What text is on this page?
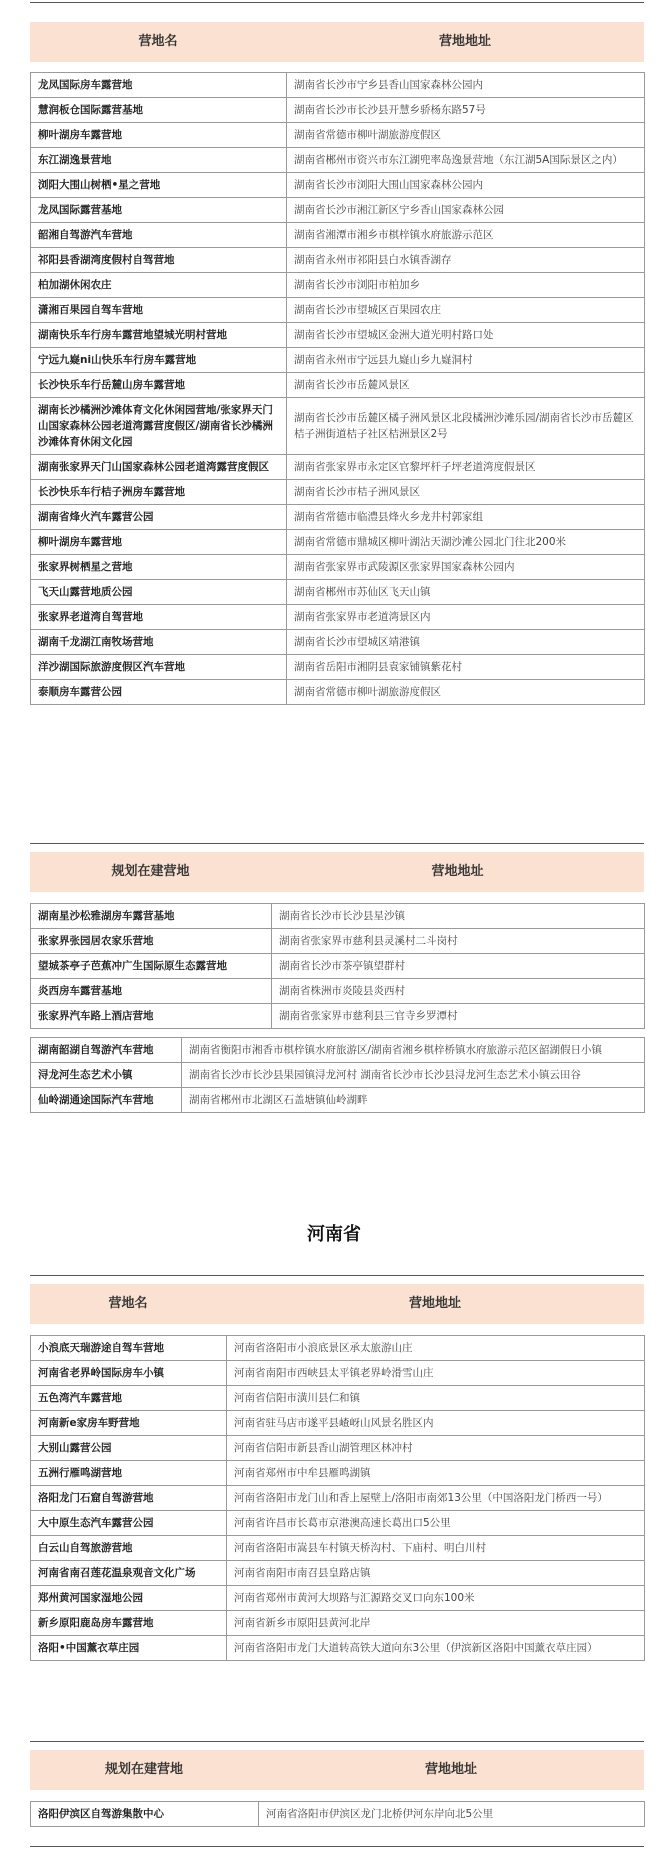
营地名	营地地址
龙凤国际房车露营地	湖南省长沙市宁乡县香山国家森林公园内
慧润板仓国际露营基地	湖南省长沙市长沙县开慧乡骄杨东路57号
柳叶湖房车露营地	湖南省常德市柳叶湖旅游度假区
东江湖逸景营地	湖南省郴州市资兴市东江湖兜率岛逸景营地（东江湖5A国际景区之内）
浏阳大围山树栖•星之营地	湖南省长沙市浏阳大围山国家森林公园内
龙凤国际露营基地	湖南省长沙市湘江新区宁乡香山国家森林公园
韶湘自驾游汽车营地	湖南省湘潭市湘乡市棋梓镇水府旅游示范区
祁阳县香湖湾度假村自驾营地	湖南省永州市祁阳县白水镇香湖存
柏加湖休闲农庄	湖南省长沙市浏阳市柏加乡
潇湘百果园自驾车营地	湖南省长沙市望城区百果园农庄
湖南快乐车行房车露营地望城光明村营地	湖南省长沙市望城区金洲大道光明村路口处
宁远九嶷ni山快乐车行房车露营地	湖南省永州市宁远县九嶷山乡九嶷洞村
长沙快乐车行岳麓山房车露营地	湖南省长沙市岳麓风景区
湖南长沙橘洲沙滩体育文化休闲园营地/张家界天门山国家森林公园老道湾露营度假区/湖南省长沙橘洲沙滩体育休闲文化园	湖南省长沙市岳麓区橘子洲风景区北段橘洲沙滩乐园/湖南省长沙市岳麓区桔子洲街道桔子社区桔洲景区2号
湖南张家界天门山国家森林公园老道湾露营度假区	湖南省张家界市永定区官黎坪杆子坪老道湾度假景区
长沙快乐车行桔子洲房车露营地	湖南省长沙市桔子洲风景区
湖南省烽火汽车露营公园	湖南省常德市临澧县烽火乡龙井村郭家组
柳叶湖房车露营地	湖南省常德市鼎城区柳叶湖沾天湖沙滩公园北门往北200米
张家界树栖星之营地	湖南省张家界市武陵源区张家界国家森林公园内
飞天山露营地质公园	湖南省郴州市苏仙区飞天山镇
张家界老道湾自驾营地	湖南省张家界市老道湾景区内
湖南千龙湖江南牧场营地	湖南省长沙市望城区靖港镇
洋沙湖国际旅游度假区汽车营地	湖南省岳阳市湘阴县袁家铺镇紫花村
泰顺房车露营公园	湖南省常德市柳叶湖旅游度假区
规划在建营地	营地地址
湖南星沙松雅湖房车露营基地	湖南省长沙市长沙县星沙镇
张家界张园居农家乐营地	湖南省张家界市慈利县灵溪村二斗岗村
望城茶亭子芭蕉冲广生国际原生态露营地	湖南省长沙市茶亭镇望群村
炎西房车露营基地	湖南省株洲市炎陵县炎西村
张家界汽车路上酒店营地	湖南省张家界市慈利县三官寺乡罗潭村
湖南韶湖自驾游汽车营地	湖南省衡阳市湘香市棋梓镇水府旅游区/湖南省湘乡棋梓桥镇水府旅游示范区韶湖假日小镇
浔龙河生态艺术小镇	湖南省长沙市长沙县果园镇浔龙河村 湖南省长沙市长沙县浔龙河生态艺术小镇云田谷
仙岭湖通途国际汽车营地	湖南省郴州市北湖区石盖塘镇仙岭湖畔
河南省
营地名	营地地址
小浪底天瑞游途自驾车营地	河南省洛阳市小浪底景区承太旅游山庄
河南省老界岭国际房车小镇	河南省南阳市西峡县太平镇老界岭滑雪山庄
五色湾汽车露营地	河南省信阳市潢川县仁和镇
河南新e家房车野营地	河南省驻马店市遂平县嵖岈山风景名胜区内
大别山露营公园	河南省信阳市新县香山湖管理区林冲村
五洲行雁鸣湖营地	河南省郑州市中牟县雁鸣湖镇
洛阳龙门石窟自驾游营地	河南省洛阳市龙门山和香上屋壁上/洛阳市南郊13公里（中国洛阳龙门桥西一号）
大中原生态汽车露营公园	河南省许昌市长葛市京港澳高速长葛出口5公里
白云山自驾旅游营地	河南省洛阳市嵩县车村镇天桥沟村、下庙村、明白川村
河南省南召莲花温泉观音文化广场	河南省南阳市南召县皇路店镇
郑州黄河国家湿地公园	河南省郑州市黄河大坝路与汇源路交叉口向东100米
新乡原阳鹿岛房车露营地	河南省新乡市原阳县黄河北岸
洛阳•中国薰衣草庄园	河南省洛阳市龙门大道转高铁大道向东3公里（伊滨新区洛阳中国薰衣草庄园）
规划在建营地	营地地址
洛阳伊滨区自驾游集散中心	河南省洛阳市伊滨区龙门北桥伊河东岸向北5公里
